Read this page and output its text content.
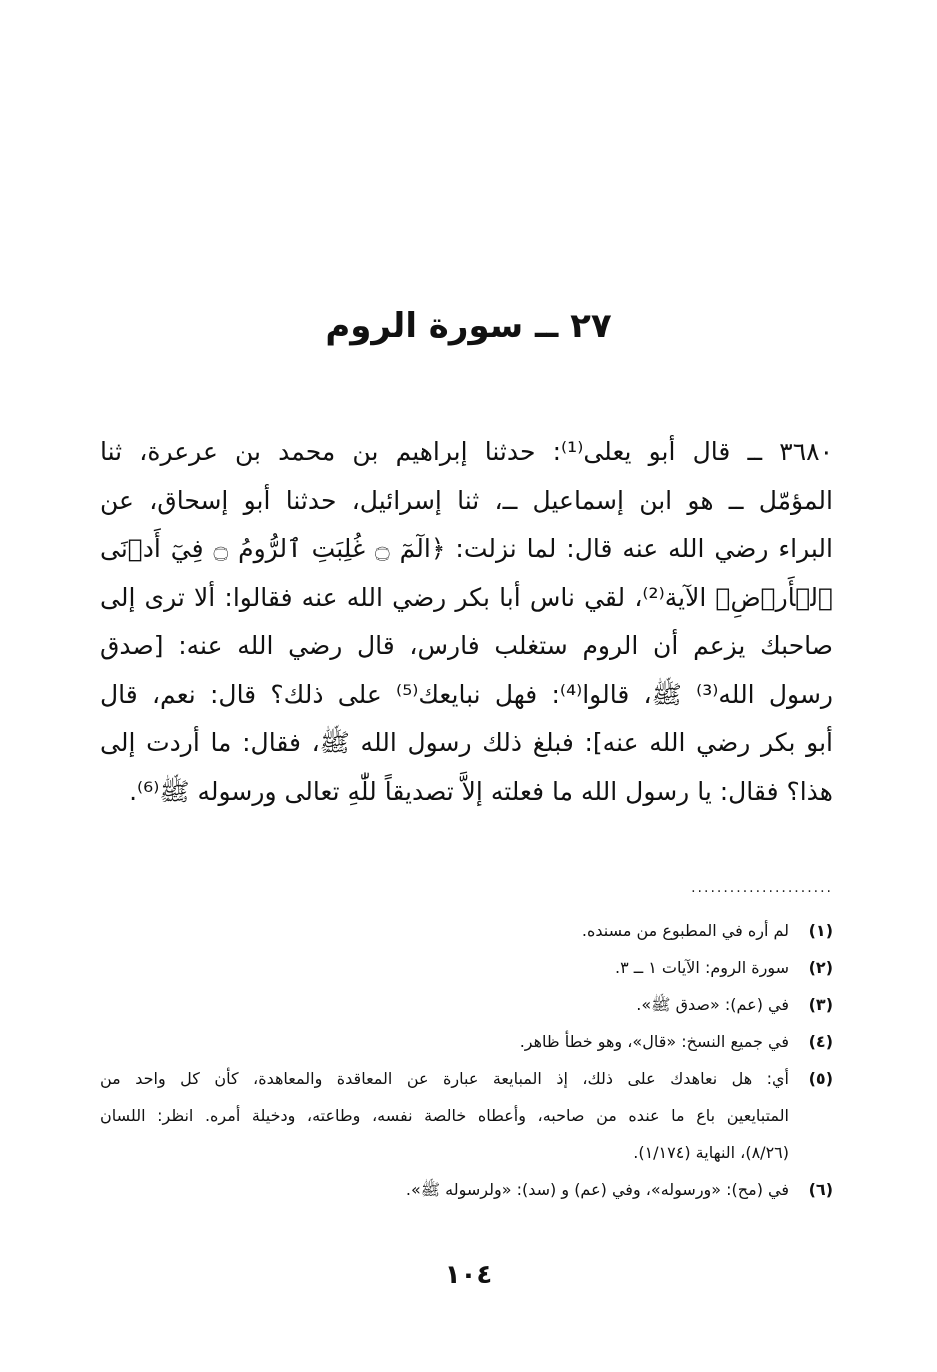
٢٧ ــ سورة الروم
٣٦٨٠ ــ قال أبو يعلى⁽¹⁾: حدثنا إبراهيم بن محمد بن عرعرة، ثنا
المؤمّل ــ هو ابن إسماعيل ــ، ثنا إسرائيل، حدثنا أبو إسحاق، عن
البراء رضي الله عنه قال: لما نزلت: ﴿الٓمٓ ۝ غُلِبَتِ ٱلرُّومُ ۝ فِيٓ أَدۡنَى
ٱلۡأَرۡضِ﴾ الآية⁽²⁾، لقي ناس أبا بكر رضي الله عنه فقالوا: ألا ترى إلى
صاحبك يزعم أن الروم ستغلب فارس، قال رضي الله عنه: [صدق
رسول الله⁽³⁾ ﷺ، قالوا⁽⁴⁾: فهل نبايعك⁽⁵⁾ على ذلك؟ قال: نعم، قال
أبو بكر رضي الله عنه]: فبلغ ذلك رسول الله ﷺ، فقال: ما أردت إلى
هذا؟ فقال: يا رسول الله ما فعلته إلاَّ تصديقاً للّٰهِ تعالى ورسوله ﷺ⁽⁶⁾.
......................
(١)
لم أره في المطبوع من مسنده.
(٢)
سورة الروم: الآيات ١ ــ ٣.
(٣)
في (عم): «صدق ﷺ».
(٤)
في جميع النسخ: «قال»، وهو خطأ ظاهر.
(٥)
أي: هل نعاهدك على ذلك، إذ المبايعة عبارة عن المعاقدة والمعاهدة، كأن كل واحد من
المتبايعين باع ما عنده من صاحبه، وأعطاه خالصة نفسه، وطاعته، ودخيلة أمره. انظر: اللسان
(٨/٢٦)، النهاية (١/١٧٤).
(٦)
في (مح): «ورسوله»، وفي (عم) و (سد): «ولرسوله ﷺ».
١٠٤
